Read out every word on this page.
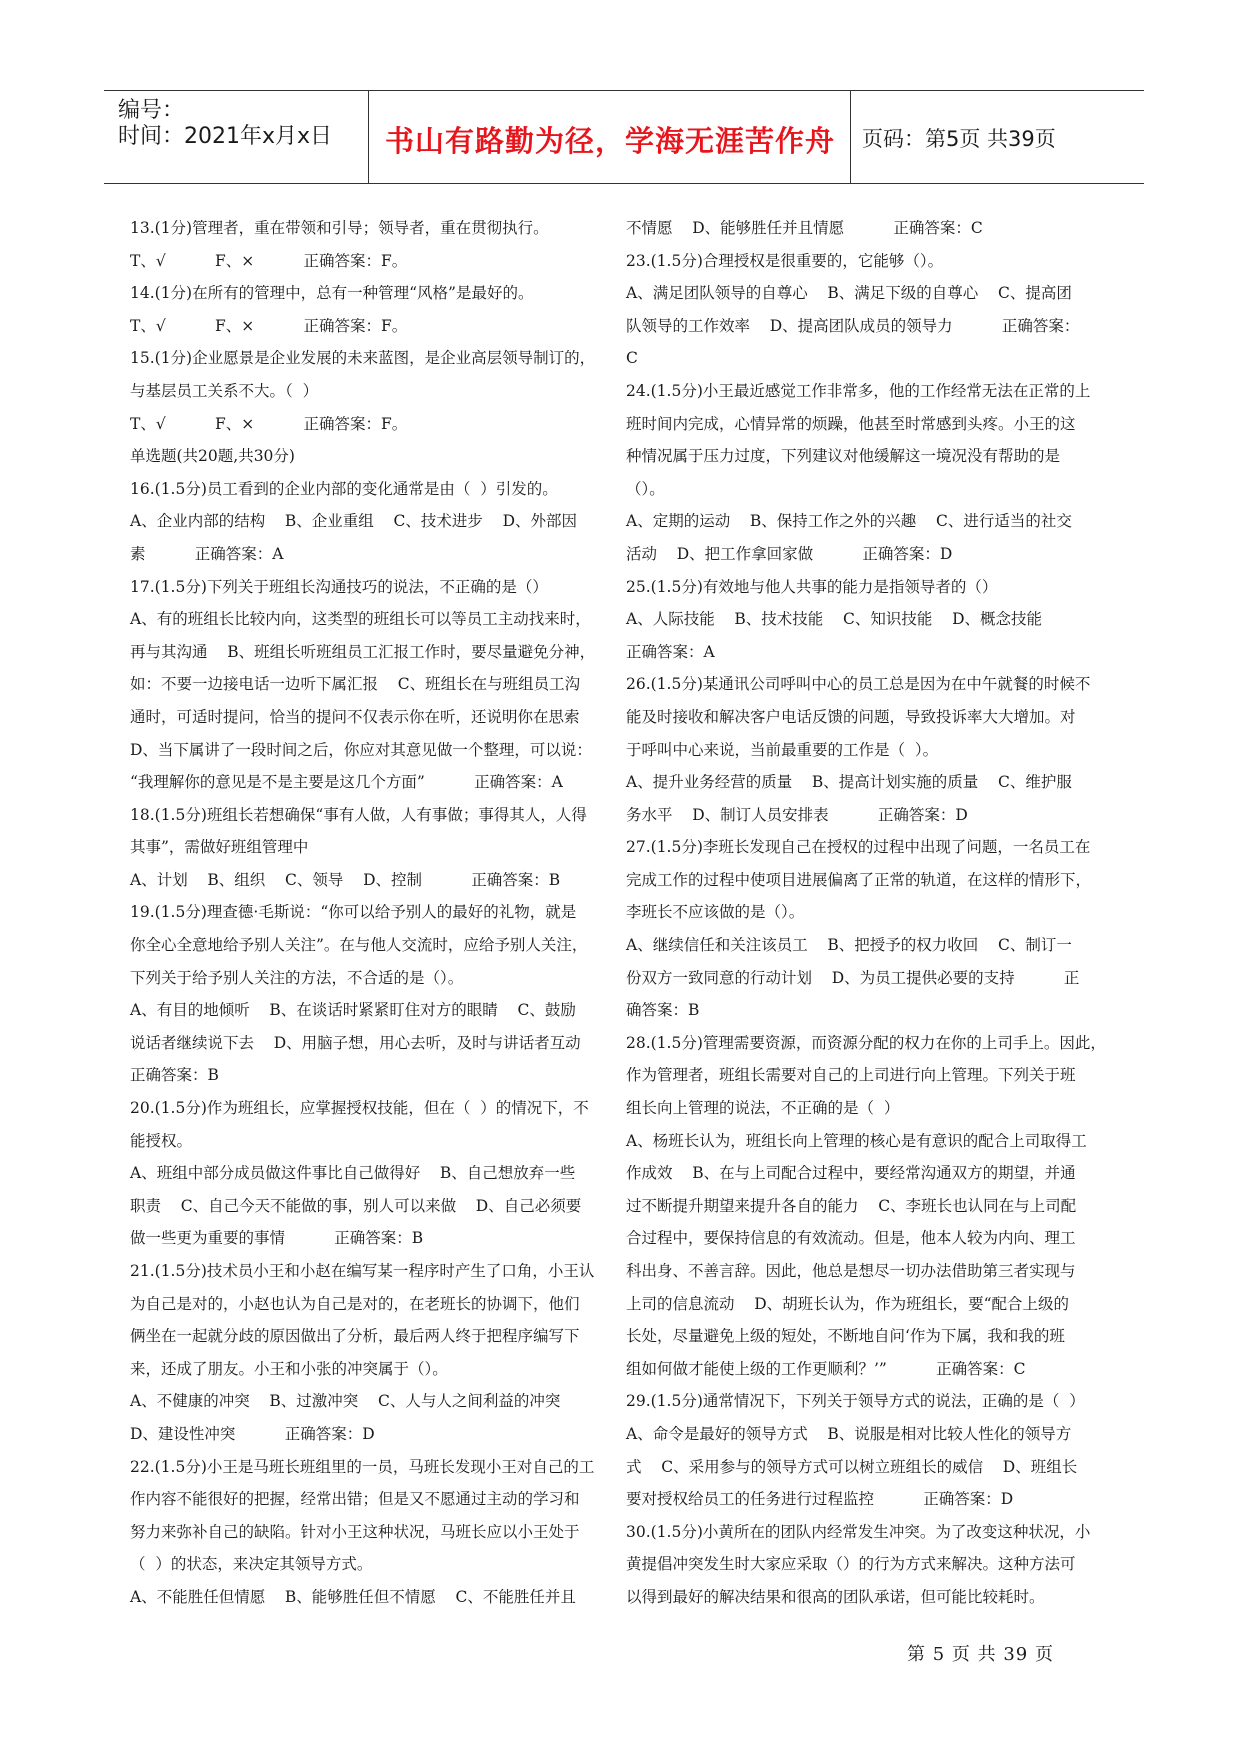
编号：
时间：2021年x月x日	书山有路勤为径，学海无涯苦作舟	页码：第5页 共39页
13.(1分)管理者，重在带领和引导；领导者，重在贯彻执行。
T、√          F、×          正确答案：F。
14.(1分)在所有的管理中，总有一种管理“风格”是最好的。
T、√          F、×          正确答案：F。
15.(1分)企业愿景是企业发展的未来蓝图，是企业高层领导制订的，
与基层员工关系不大。（  ）
T、√          F、×          正确答案：F。
单选题(共20题,共30分)
16.(1.5分)员工看到的企业内部的变化通常是由（  ）引发的。
A、企业内部的结构    B、企业重组    C、技术进步    D、外部因
素          正确答案：A
17.(1.5分)下列关于班组长沟通技巧的说法，不正确的是（）
A、有的班组长比较内向，这类型的班组长可以等员工主动找来时，
再与其沟通    B、班组长听班组员工汇报工作时，要尽量避免分神，
如：不要一边接电话一边听下属汇报    C、班组长在与班组员工沟
通时，可适时提问，恰当的提问不仅表示你在听，还说明你在思索
D、当下属讲了一段时间之后，你应对其意见做一个整理，可以说：
“我理解你的意见是不是主要是这几个方面”          正确答案：A
18.(1.5分)班组长若想确保“事有人做，人有事做；事得其人，人得
其事”，需做好班组管理中
A、计划    B、组织    C、领导    D、控制          正确答案：B
19.(1.5分)理查德·毛斯说：“你可以给予别人的最好的礼物，就是
你全心全意地给予别人关注”。在与他人交流时，应给予别人关注，
下列关于给予别人关注的方法，不合适的是（）。
A、有目的地倾听    B、在谈话时紧紧盯住对方的眼睛    C、鼓励
说话者继续说下去    D、用脑子想，用心去听，及时与讲话者互动
正确答案：B
20.(1.5分)作为班组长，应掌握授权技能，但在（  ）的情况下，不
能授权。
A、班组中部分成员做这件事比自己做得好    B、自己想放弃一些
职责    C、自己今天不能做的事，别人可以来做    D、自己必须要
做一些更为重要的事情          正确答案：B
21.(1.5分)技术员小王和小赵在编写某一程序时产生了口角，小王认
为自己是对的，小赵也认为自己是对的，在老班长的协调下，他们
俩坐在一起就分歧的原因做出了分析，最后两人终于把程序编写下
来，还成了朋友。小王和小张的冲突属于（）。
A、不健康的冲突    B、过激冲突    C、人与人之间利益的冲突
D、建设性冲突          正确答案：D
22.(1.5分)小王是马班长班组里的一员，马班长发现小王对自己的工
作内容不能很好的把握，经常出错；但是又不愿通过主动的学习和
努力来弥补自己的缺陷。针对小王这种状况，马班长应以小王处于
（  ）的状态，来决定其领导方式。
A、不能胜任但情愿    B、能够胜任但不情愿    C、不能胜任并且
不情愿    D、能够胜任并且情愿          正确答案：C
23.(1.5分)合理授权是很重要的，它能够（）。
A、满足团队领导的自尊心    B、满足下级的自尊心    C、提高团
队领导的工作效率    D、提高团队成员的领导力          正确答案：
C
24.(1.5分)小王最近感觉工作非常多，他的工作经常无法在正常的上
班时间内完成，心情异常的烦躁，他甚至时常感到头疼。小王的这
种情况属于压力过度，下列建议对他缓解这一境况没有帮助的是
（）。
A、定期的运动    B、保持工作之外的兴趣    C、进行适当的社交
活动    D、把工作拿回家做          正确答案：D
25.(1.5分)有效地与他人共事的能力是指领导者的（）
A、人际技能    B、技术技能    C、知识技能    D、概念技能
正确答案：A
26.(1.5分)某通讯公司呼叫中心的员工总是因为在中午就餐的时候不
能及时接收和解决客户电话反馈的问题，导致投诉率大大增加。对
于呼叫中心来说，当前最重要的工作是（  ）。
A、提升业务经营的质量    B、提高计划实施的质量    C、维护服
务水平    D、制订人员安排表          正确答案：D
27.(1.5分)李班长发现自己在授权的过程中出现了问题，一名员工在
完成工作的过程中使项目进展偏离了正常的轨道，在这样的情形下，
李班长不应该做的是（）。
A、继续信任和关注该员工    B、把授予的权力收回    C、制订一
份双方一致同意的行动计划    D、为员工提供必要的支持          正
确答案：B
28.(1.5分)管理需要资源，而资源分配的权力在你的上司手上。因此，
作为管理者，班组长需要对自己的上司进行向上管理。下列关于班
组长向上管理的说法，不正确的是（  ）
A、杨班长认为，班组长向上管理的核心是有意识的配合上司取得工
作成效    B、在与上司配合过程中，要经常沟通双方的期望，并通
过不断提升期望来提升各自的能力    C、李班长也认同在与上司配
合过程中，要保持信息的有效流动。但是，他本人较为内向、理工
科出身、不善言辞。因此，他总是想尽一切办法借助第三者实现与
上司的信息流动    D、胡班长认为，作为班组长，要“配合上级的
长处，尽量避免上级的短处，不断地自问‘作为下属，我和我的班
组如何做才能使上级的工作更顺利？’”          正确答案：C
29.(1.5分)通常情况下，下列关于领导方式的说法，正确的是（  ）
A、命令是最好的领导方式    B、说服是相对比较人性化的领导方
式    C、采用参与的领导方式可以树立班组长的威信    D、班组长
要对授权给员工的任务进行过程监控          正确答案：D
30.(1.5分)小黄所在的团队内经常发生冲突。为了改变这种状况，小
黄提倡冲突发生时大家应采取（）的行为方式来解决。这种方法可
以得到最好的解决结果和很高的团队承诺，但可能比较耗时。
第 5 页 共 39 页
